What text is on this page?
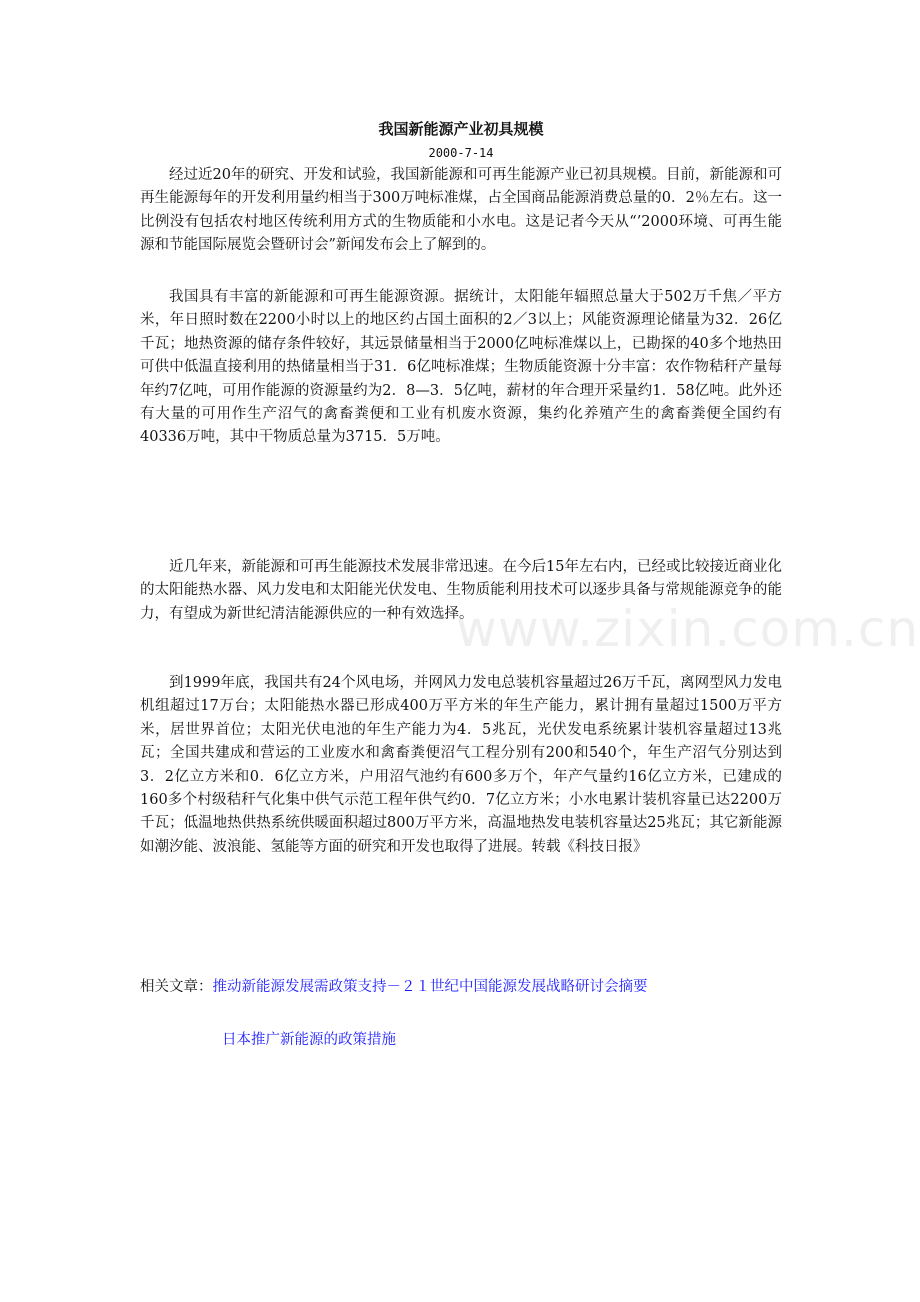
www.zixin.com.cn
我国新能源产业初具规模
2000-7-14

经过近20年的研究、开发和试验，我国新能源和可再生能源产业已初具规模。目前，新能源和可再生能源每年的开发利用量约相当于300万吨标准煤，占全国商品能源消费总量的0．2％左右。这一比例没有包括农村地区传统利用方式的生物质能和小水电。这是记者今天从“’2000环境、可再生能源和节能国际展览会暨研讨会”新闻发布会上了解到的。

我国具有丰富的新能源和可再生能源资源。据统计，太阳能年辐照总量大于502万千焦／平方米，年日照时数在2200小时以上的地区约占国土面积的2／3以上；风能资源理论储量为32．26亿千瓦；地热资源的储存条件较好，其远景储量相当于2000亿吨标准煤以上，已勘探的40多个地热田可供中低温直接利用的热储量相当于31．6亿吨标准煤；生物质能资源十分丰富：农作物秸秆产量每年约7亿吨，可用作能源的资源量约为2．8—3．5亿吨，薪材的年合理开采量约1．58亿吨。此外还有大量的可用作生产沼气的禽畜粪便和工业有机废水资源，集约化养殖产生的禽畜粪便全国约有40336万吨，其中干物质总量为3715．5万吨。

近几年来，新能源和可再生能源技术发展非常迅速。在今后15年左右内，已经或比较接近商业化的太阳能热水器、风力发电和太阳能光伏发电、生物质能利用技术可以逐步具备与常规能源竞争的能力，有望成为新世纪清洁能源供应的一种有效选择。

到1999年底，我国共有24个风电场，并网风力发电总装机容量超过26万千瓦，离网型风力发电机组超过17万台；太阳能热水器已形成400万平方米的年生产能力，累计拥有量超过1500万平方米，居世界首位；太阳光伏电池的年生产能力为4．5兆瓦，光伏发电系统累计装机容量超过13兆瓦；全国共建成和营运的工业废水和禽畜粪便沼气工程分别有200和540个，年生产沼气分别达到3．2亿立方米和0．6亿立方米，户用沼气池约有600多万个，年产气量约16亿立方米，已建成的160多个村级秸秆气化集中供气示范工程年供气约0．7亿立方米；小水电累计装机容量已达2200万千瓦；低温地热供热系统供暖面积超过800万平方米，高温地热发电装机容量达25兆瓦；其它新能源如潮汐能、波浪能、氢能等方面的研究和开发也取得了进展。转载《科技日报》

相关文章：推动新能源发展需政策支持－２１世纪中国能源发展战略研讨会摘要
日本推广新能源的政策措施
